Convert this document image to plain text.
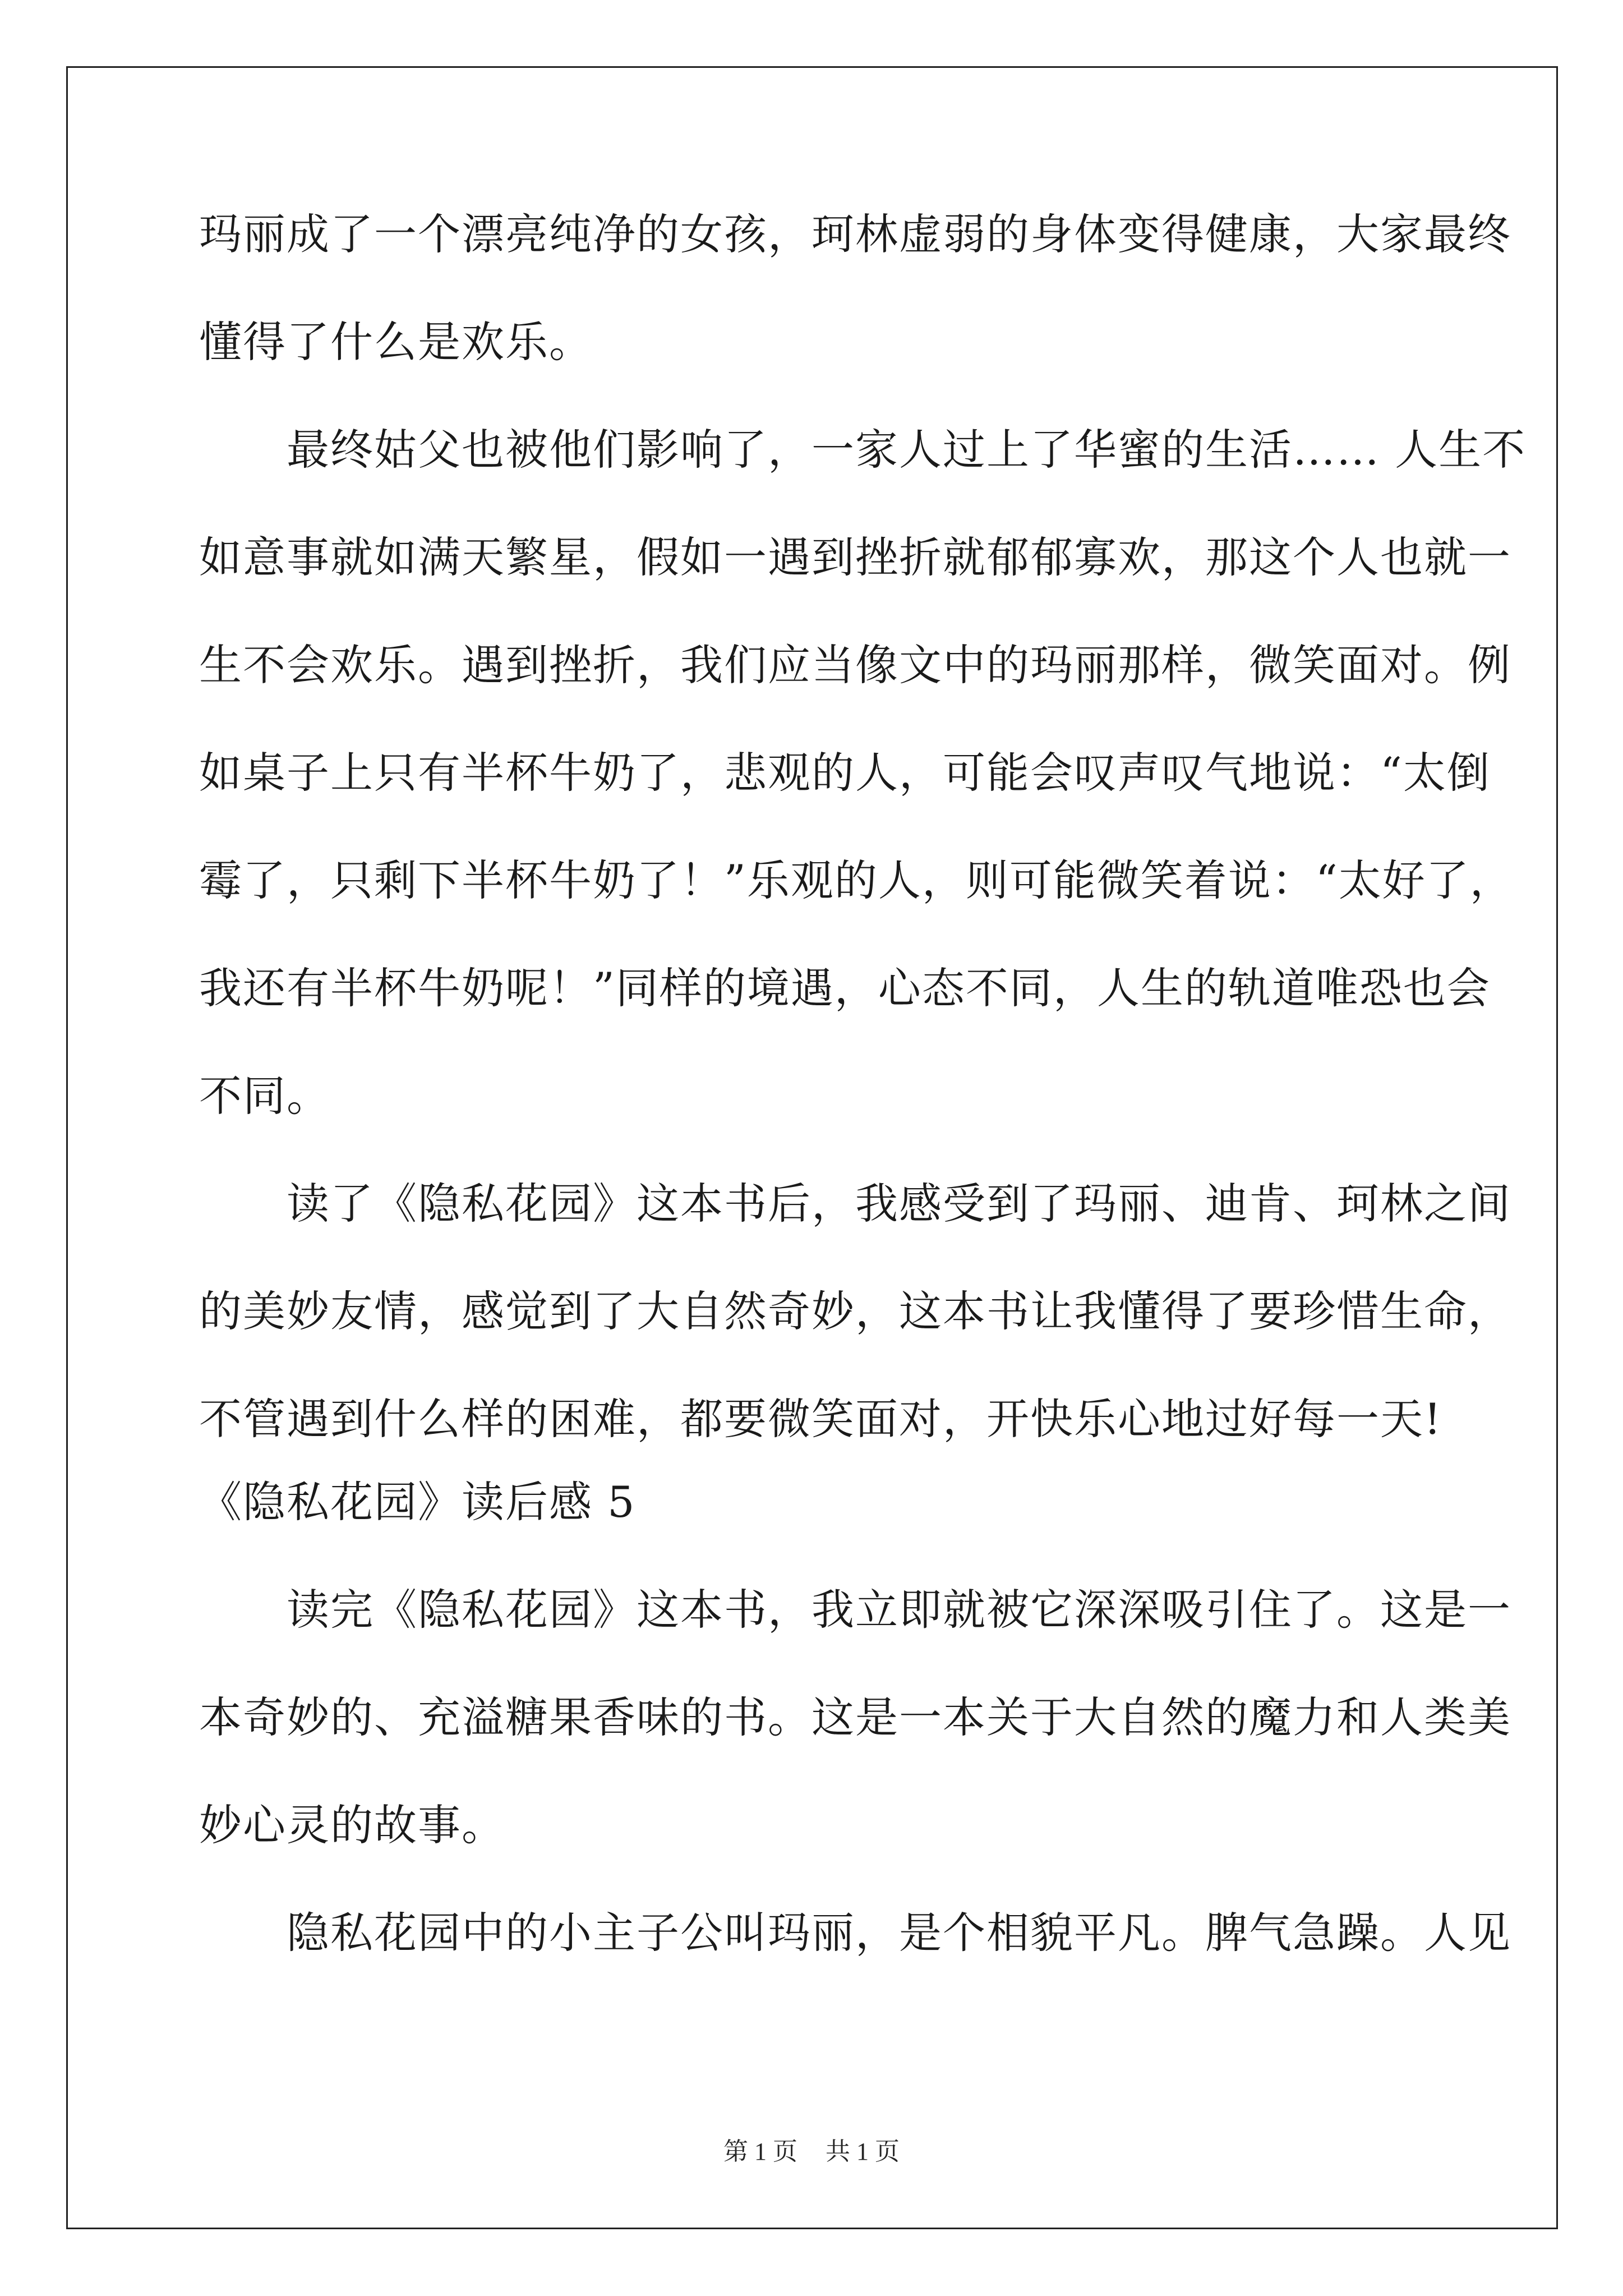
玛丽成了一个漂亮纯净的女孩，珂林虚弱的身体变得健康，大家最终
懂得了什么是欢乐。
　　最终姑父也被他们影响了，一家人过上了华蜜的生活…… 人生不
如意事就如满天繁星，假如一遇到挫折就郁郁寡欢，那这个人也就一
生不会欢乐。遇到挫折，我们应当像文中的玛丽那样，微笑面对。例
如桌子上只有半杯牛奶了，悲观的人，可能会叹声叹气地说：“太倒
霉了，只剩下半杯牛奶了！”乐观的人，则可能微笑着说：“太好了，
我还有半杯牛奶呢！”同样的境遇，心态不同，人生的轨道唯恐也会
不同。
　　读了《隐私花园》这本书后，我感受到了玛丽、迪肯、珂林之间
的美妙友情，感觉到了大自然奇妙，这本书让我懂得了要珍惜生命，
不管遇到什么样的困难，都要微笑面对，开快乐心地过好每一天!
《隐私花园》读后感 5
　　读完《隐私花园》这本书，我立即就被它深深吸引住了。这是一
本奇妙的、充溢糖果香味的书。这是一本关于大自然的魔力和人类美
妙心灵的故事。
　　隐私花园中的小主子公叫玛丽，是个相貌平凡。脾气急躁。人见
第 1 页 共 1 页
